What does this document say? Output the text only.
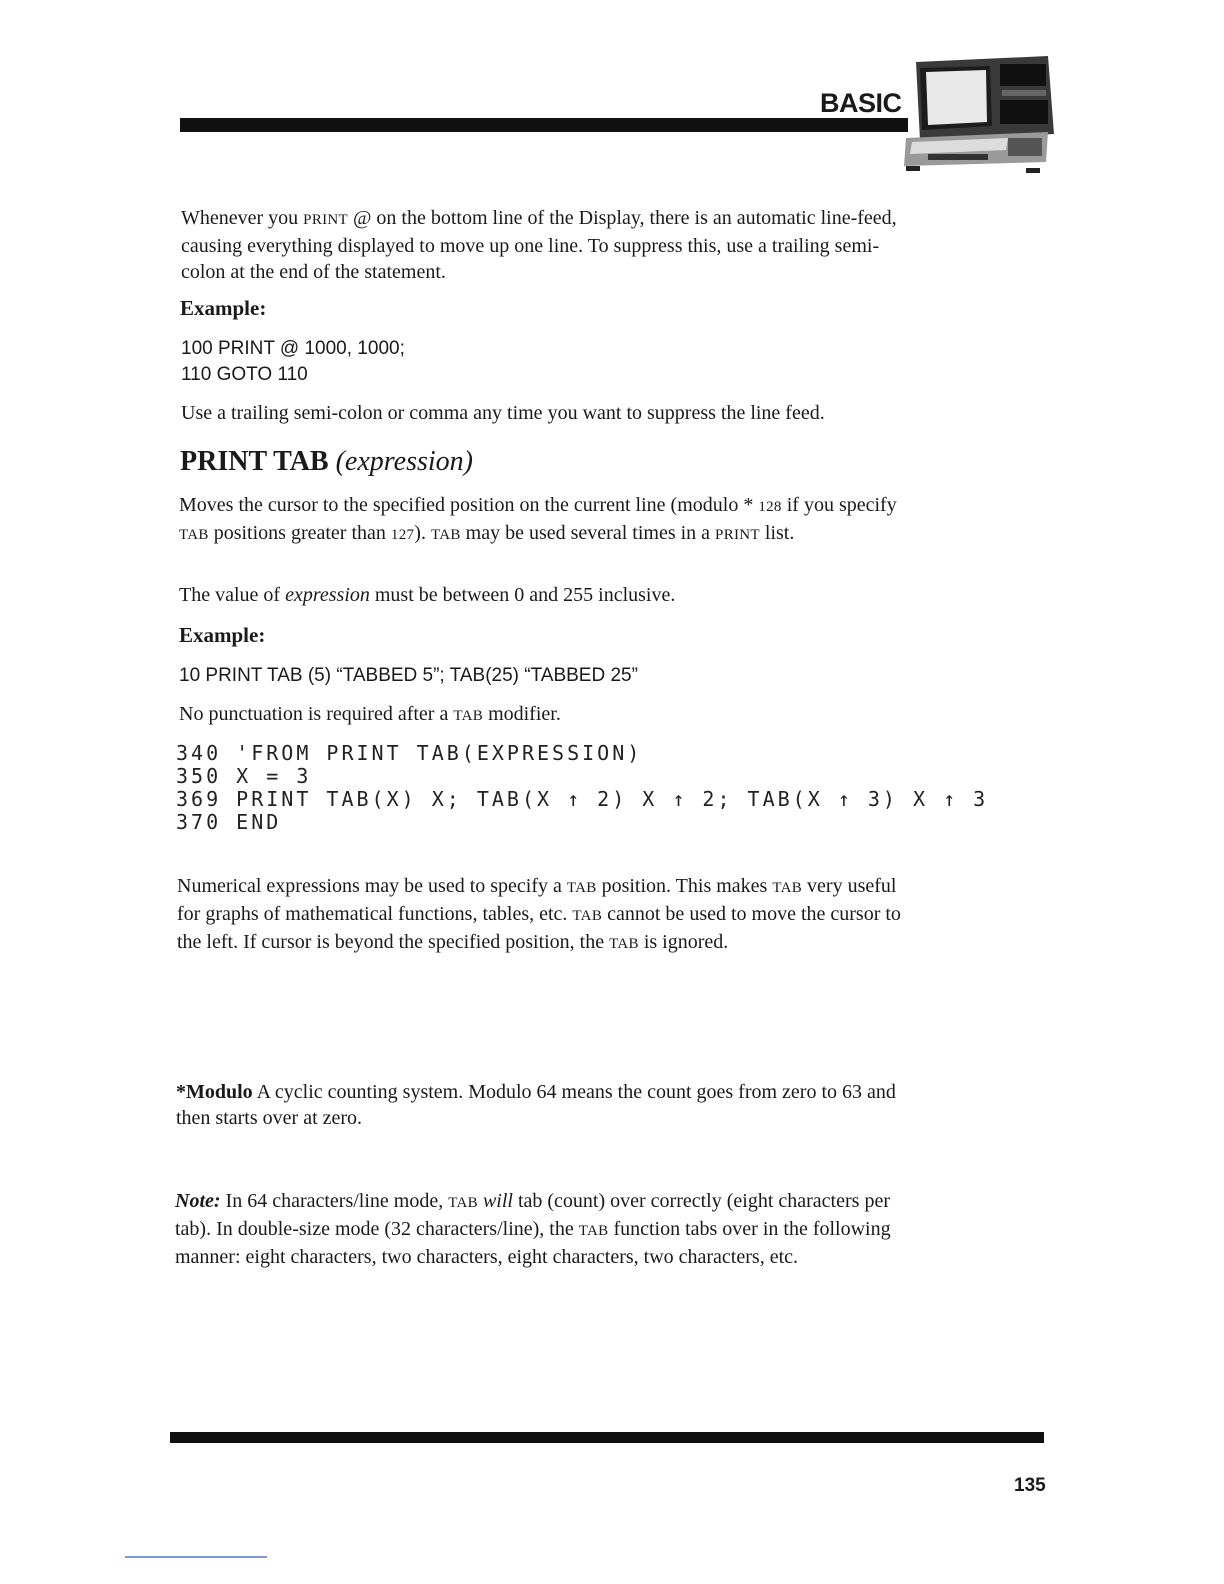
BASIC
Whenever you PRINT @ on the bottom line of the Display, there is an automatic line-feed, causing everything displayed to move up one line. To suppress this, use a trailing semi-colon at the end of the statement.
Example:
100 PRINT @ 1000, 1000;
110 GOTO 110
Use a trailing semi-colon or comma any time you want to suppress the line feed.
PRINT TAB (expression)
Moves the cursor to the specified position on the current line (modulo * 128 if you specify TAB positions greater than 127). TAB may be used several times in a PRINT list.
The value of expression must be between 0 and 255 inclusive.
Example:
10 PRINT TAB (5) “TABBED 5”; TAB(25) “TABBED 25”
No punctuation is required after a TAB modifier.
340 'FROM PRINT TAB(EXPRESSION)
350 X = 3
369 PRINT TAB(X) X; TAB(X ↑ 2) X ↑ 2; TAB(X ↑ 3) X ↑ 3
370 END
Numerical expressions may be used to specify a TAB position. This makes TAB very useful for graphs of mathematical functions, tables, etc. TAB cannot be used to move the cursor to the left. If cursor is beyond the specified position, the TAB is ignored.
*Modulo A cyclic counting system. Modulo 64 means the count goes from zero to 63 and then starts over at zero.
Note: In 64 characters/line mode, TAB will tab (count) over correctly (eight characters per tab). In double-size mode (32 characters/line), the TAB function tabs over in the following manner: eight characters, two characters, eight characters, two characters, etc.
135
